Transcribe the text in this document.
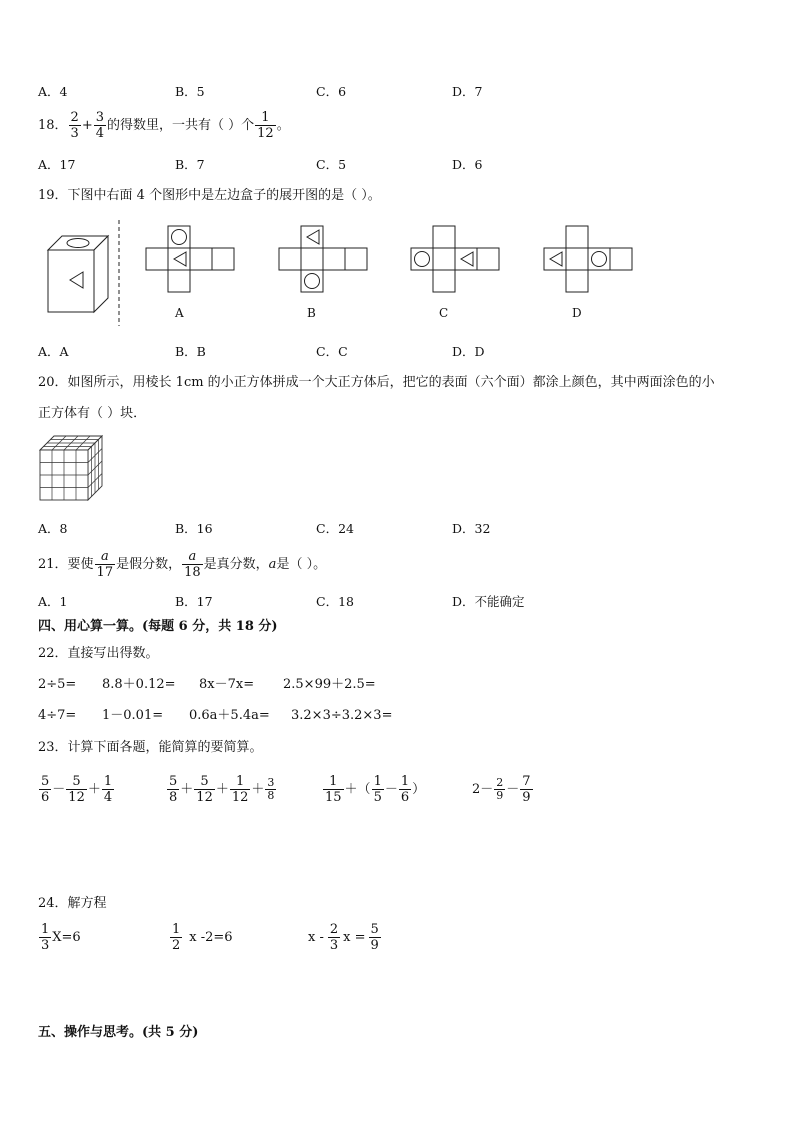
A．4	B．5	C．6	D．7
18． $\frac{2}{3} + \frac{3}{4}$ 的得数里，一共有（ ）个 $\frac{1}{12}$ 。
A．17	B．7	C．5	D．6
19．下图中右面 4 个图形中是左边盒子的展开图的是（ ）。
A	B	C	D
A．A	B．B	C．C	D．D
20．如图所示，用棱长 1cm 的小正方体拼成一个大正方体后，把它的表面（六个面）都涂上颜色，其中两面涂色的小
正方体有（ ）块．
A．8	B．16	C．24	D．32
21．要使 $\frac{a}{17}$ 是假分数， $\frac{a}{18}$ 是真分数， a 是（ ）。
A．1	B．17	C．18	D．不能确定
四、用心算一算。(每题 6 分，共 18 分)
22．直接写出得数。
2÷5= 8.8＋0.12= 8x－7x= 2.5×99＋2.5=
4÷7= 1－0.01= 0.6a＋5.4a= 3.2×3÷3.2×3=
23．计算下面各题，能简算的要简算。
$\frac{5}{6} - \frac{5}{12} + \frac{1}{4}$	$\frac{5}{8} + \frac{5}{12} + \frac{1}{12} + \frac{3}{8}$	$\frac{1}{15}$ ＋（ $\frac{1}{5} - \frac{1}{6}$ ）	$2- \frac{2}{9} - \frac{7}{9}$
24．解方程
$\frac{1}{3} X=6$	$\frac{1}{2}$ x -2=6	x - $\frac{2}{3}$ $x = \frac{5}{9}$
五、操作与思考。(共 5 分)
